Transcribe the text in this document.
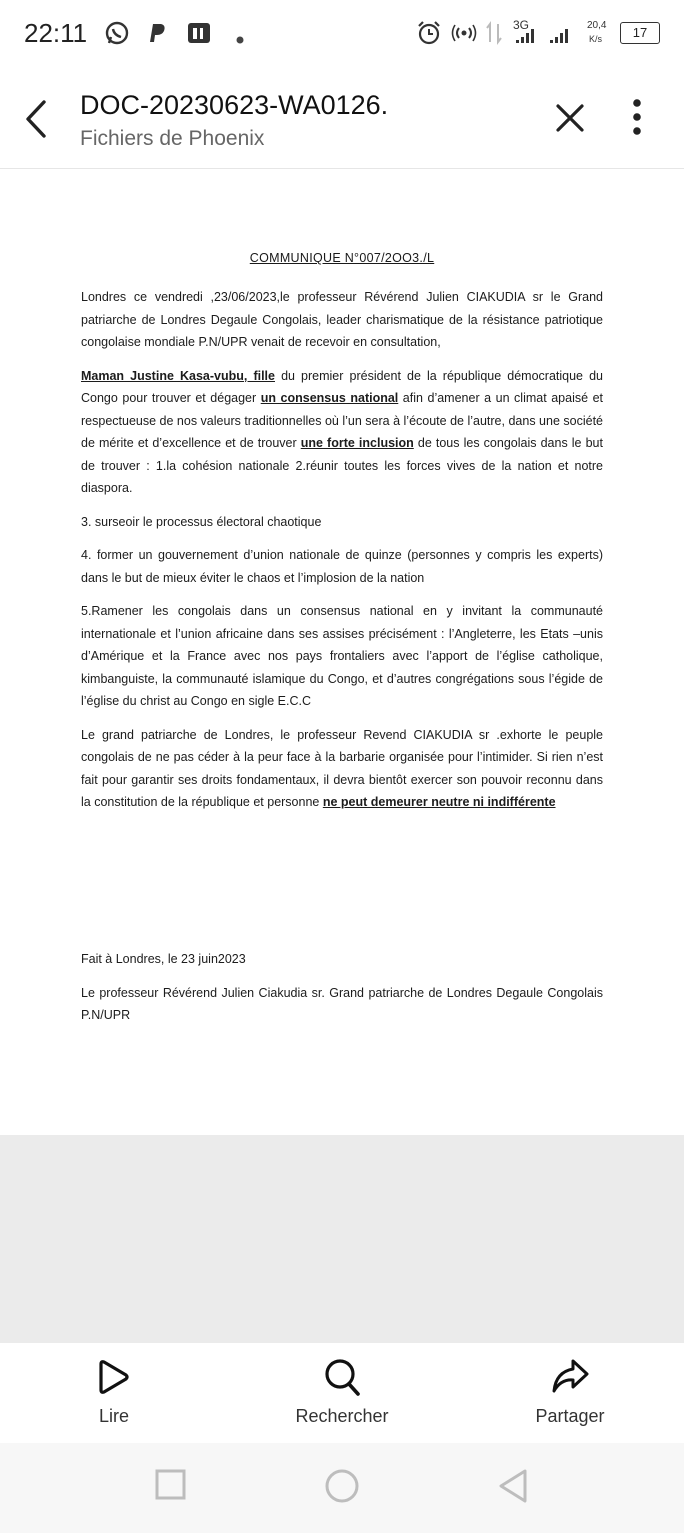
22:11	3G	20,4
K/s	17
DOC-20230623-WA0126.
Fichiers de Phoenix
COMMUNIQUE N°007/2OO3./L

Londres ce vendredi ,23/06/2023,le professeur Révérend Julien CIAKUDIA sr le Grand patriarche de Londres Degaule Congolais, leader charismatique de la résistance patriotique congolaise mondiale P.N/UPR venait de recevoir en consultation,

Maman Justine Kasa-vubu, fille du premier président de la république démocratique du Congo pour trouver et dégager un consensus national afin d’amener a un climat apaisé et respectueuse de nos valeurs traditionnelles où l’un sera à l’écoute de l’autre, dans une société de mérite et d’excellence et de trouver une forte inclusion de tous les congolais dans le but de trouver : 1.la cohésion nationale 2.réunir toutes les forces vives de la nation et notre diaspora.

3. surseoir le processus électoral chaotique

4. former un gouvernement d’union nationale de quinze (personnes y compris les experts) dans le but de mieux éviter le chaos et l’implosion de la nation

5.Ramener les congolais dans un consensus national en y invitant la communauté internationale et l’union africaine dans ses assises précisément : l’Angleterre, les Etats –unis d’Amérique et la France avec nos pays frontaliers avec l’apport de l’église catholique, kimbanguiste, la communauté islamique du Congo, et d’autres congrégations sous l’égide de l’église du christ au Congo en sigle E.C.C

Le grand patriarche de Londres, le professeur Revend CIAKUDIA sr .exhorte le peuple congolais de ne pas céder à la peur face à la barbarie organisée pour l’intimider. Si rien n’est fait pour garantir ses droits fondamentaux, il devra bientôt exercer son pouvoir reconnu dans la constitution de la république et personne ne peut demeurer neutre ni indifférente

Fait à Londres, le 23 juin2023

Le professeur Révérend Julien Ciakudia sr. Grand patriarche de Londres Degaule Congolais P.N/UPR

Lire	Rechercher	Partager
